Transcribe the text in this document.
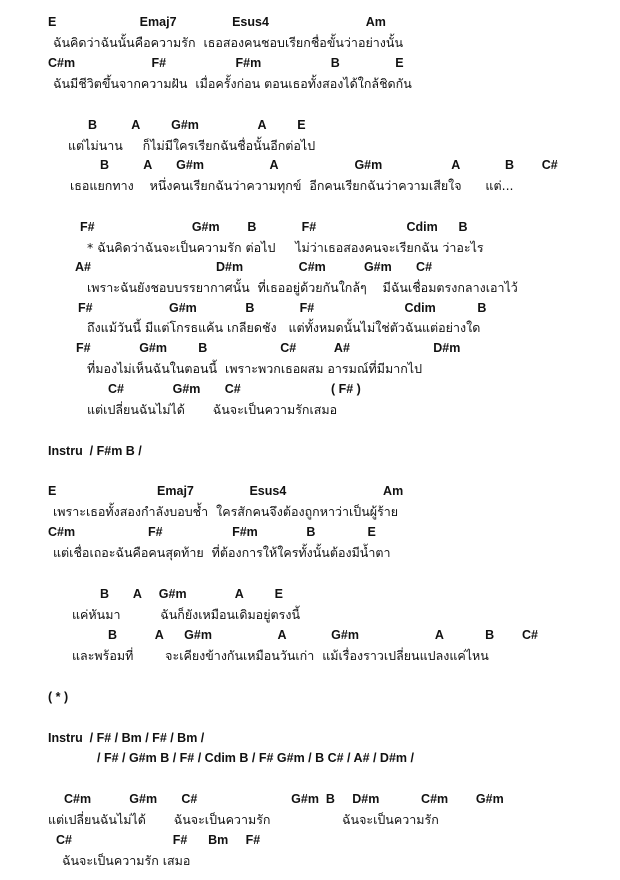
E                        Emaj7                Esus4                            Am
ฉันคิดว่าฉันนั้นคือความรัก  เธอสองคนชอบเรียกชื่อขั้นว่าอย่างนั้น
C#m                      F#                    F#m                    B                E
ฉันมีชีวิตขึ้นจากความฝัน  เมื่อครั้งก่อน ตอนเธอทั้งสองได้ใกล้ชิดกัน
B          A         G#m                 A         E
แต่ไม่นาน     ก็ไม่มีใครเรียกฉันชื่อนั้นอีกต่อไป
B          A       G#m                   A                      G#m                    A             B        C#
เธอแยกทาง    หนึ่งคนเรียกฉันว่าความทุกข์  อีกคนเรียกฉันว่าความเสียใจ      แต่...
F#                            G#m        B             F#                          Cdim      B
* ฉันคิดว่าฉันจะเป็นความรัก ต่อไป     ไม่ว่าเธอสองคนจะเรียกฉัน ว่าอะไร
A#                                    D#m                C#m           G#m       C#
เพราะฉันยังชอบบรรยากาศนั้น  ที่เธออยู่ด้วยกันใกล้ๆ    มีฉันเชื่อมตรงกลางเอาไว้
F#                      G#m              B             F#                          Cdim            B
ถึงแม้วันนี้ มีแต่โกรธแค้น เกลียดชัง   แต่ทั้งหมดนั้นไม่ใช่ตัวฉันแต่อย่างใด
F#              G#m         B                     C#           A#                        D#m
ที่มองไม่เห็นฉันในตอนนี้  เพราะพวกเธอผสม อารมณ์ที่มีมากไป
C#              G#m       C#                          ( F# )
แต่เปลี่ยนฉันไม่ได้       ฉันจะเป็นความรักเสมอ
Instru  / F#m B /
E                             Emaj7                Esus4                            Am
เพราะเธอทั้งสองกำลังบอบช้ำ  ใครสักคนจึงต้องถูกหาว่าเป็นผู้ร้าย
C#m                     F#                    F#m              B               E
แต่เชื่อเถอะฉันคือคนสุดท้าย  ที่ต้องการให้ใครทั้งนั้นต้องมีน้ำตา
B       A     G#m              A         E
แค่หันมา          ฉันก็ยังเหมือนเดิมอยู่ตรงนี้
B           A      G#m                   A             G#m                      A            B        C#
และพร้อมที่        จะเคียงข้างกันเหมือนวันเก่า  แม้เรื่องราวเปลี่ยนแปลงแค่ไหน
( * )
Instru  / F# / Bm / F# / Bm /
/ F# / G#m B / F# / Cdim B / F# G#m / B C# / A# / D#m /
C#m           G#m       C#                           G#m  B     D#m            C#m        G#m
แต่เปลี่ยนฉันไม่ได้       ฉันจะเป็นความรัก                  ฉันจะเป็นความรัก
C#                             F#      Bm     F#
ฉันจะเป็นความรัก เสมอ
